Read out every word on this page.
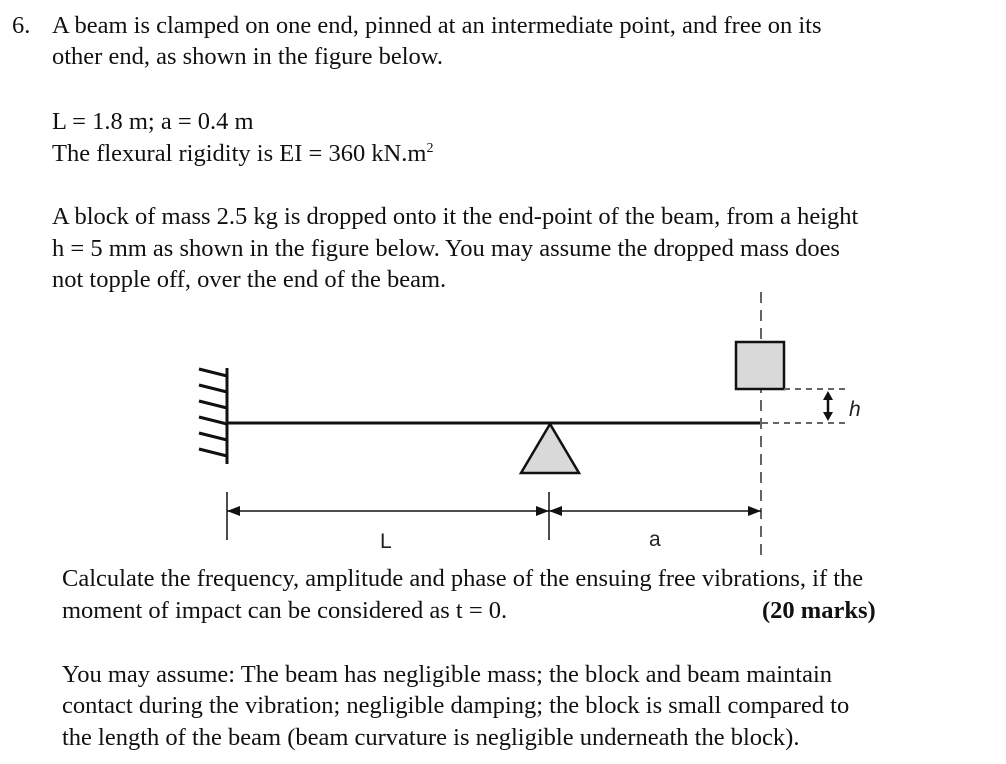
6. A beam is clamped on one end, pinned at an intermediate point, and free on its
other end, as shown in the figure below.
L = 1.8 m; a = 0.4 m
The flexural rigidity is EI = 360 $kN.m^2$
A block of mass 2.5 kg is dropped onto it the end-point of the beam, from a height
h = 5 mm as shown in the figure below. You may assume the dropped mass does
not topple off, over the end of the beam.
h
L	a
Calculate the frequency, amplitude and phase of the ensuing free vibrations, if the
moment of impact can be considered as t = 0.	(20 marks)
You may assume: The beam has negligible mass; the block and beam maintain
contact during the vibration; negligible damping; the block is small compared to
the length of the beam (beam curvature is negligible underneath the block).
